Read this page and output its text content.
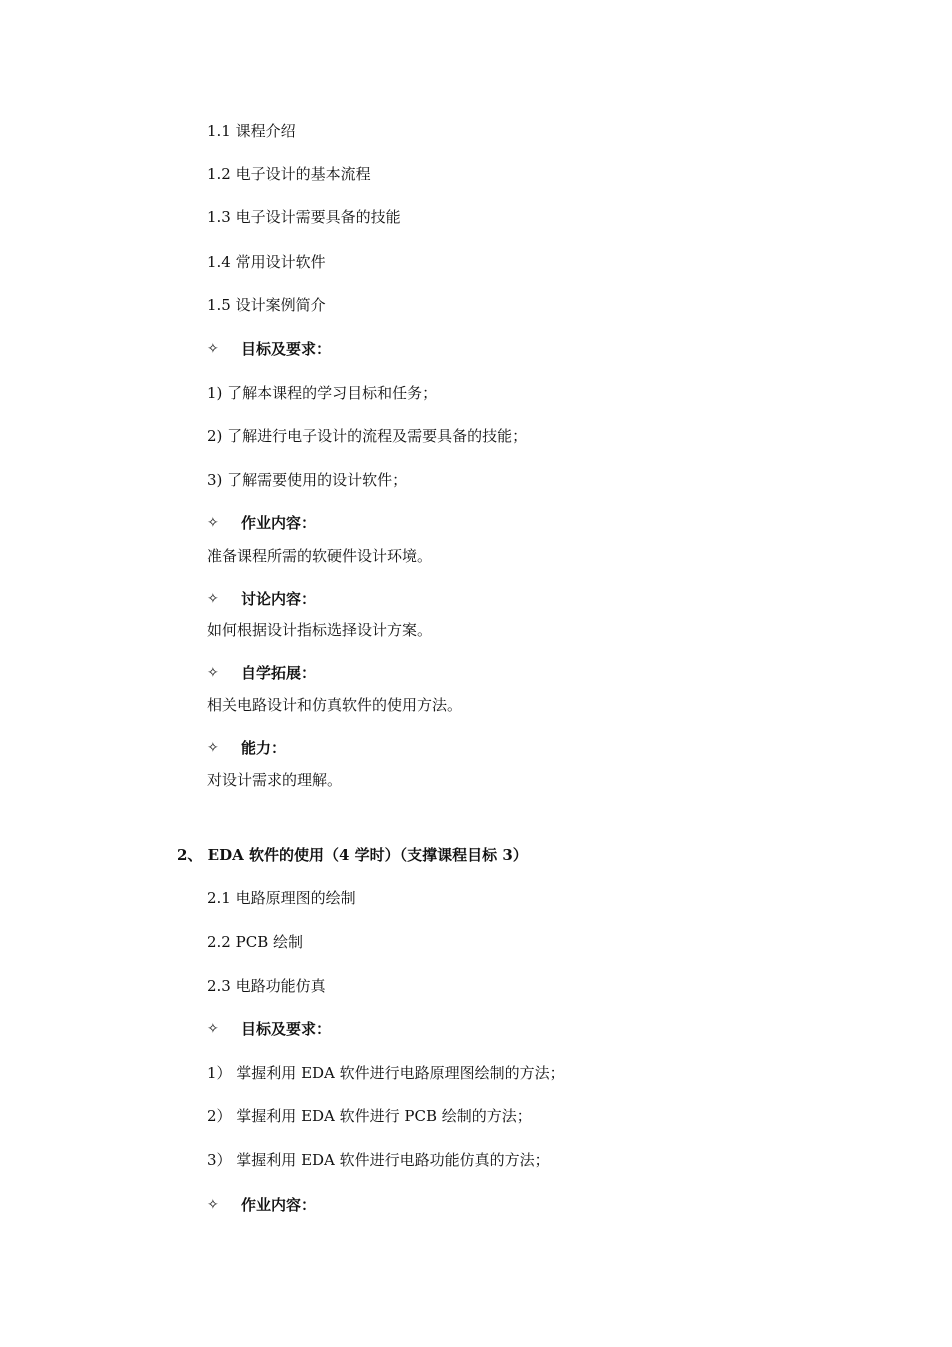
1.1 课程介绍
1.2 电子设计的基本流程
1.3 电子设计需要具备的技能
1.4 常用设计软件
1.5 设计案例简介
✧ 目标及要求：
1) 了解本课程的学习目标和任务；
2) 了解进行电子设计的流程及需要具备的技能；
3) 了解需要使用的设计软件；
✧ 作业内容：
准备课程所需的软硬件设计环境。
✧ 讨论内容：
如何根据设计指标选择设计方案。
✧ 自学拓展：
相关电路设计和仿真软件的使用方法。
✧ 能力：
对设计需求的理解。
2、 EDA 软件的使用（4 学时）（支撑课程目标 3）
2.1 电路原理图的绘制
2.2 PCB 绘制
2.3 电路功能仿真
✧ 目标及要求：
1） 掌握利用 EDA 软件进行电路原理图绘制的方法；
2） 掌握利用 EDA 软件进行 PCB 绘制的方法；
3） 掌握利用 EDA 软件进行电路功能仿真的方法；
✧ 作业内容：
